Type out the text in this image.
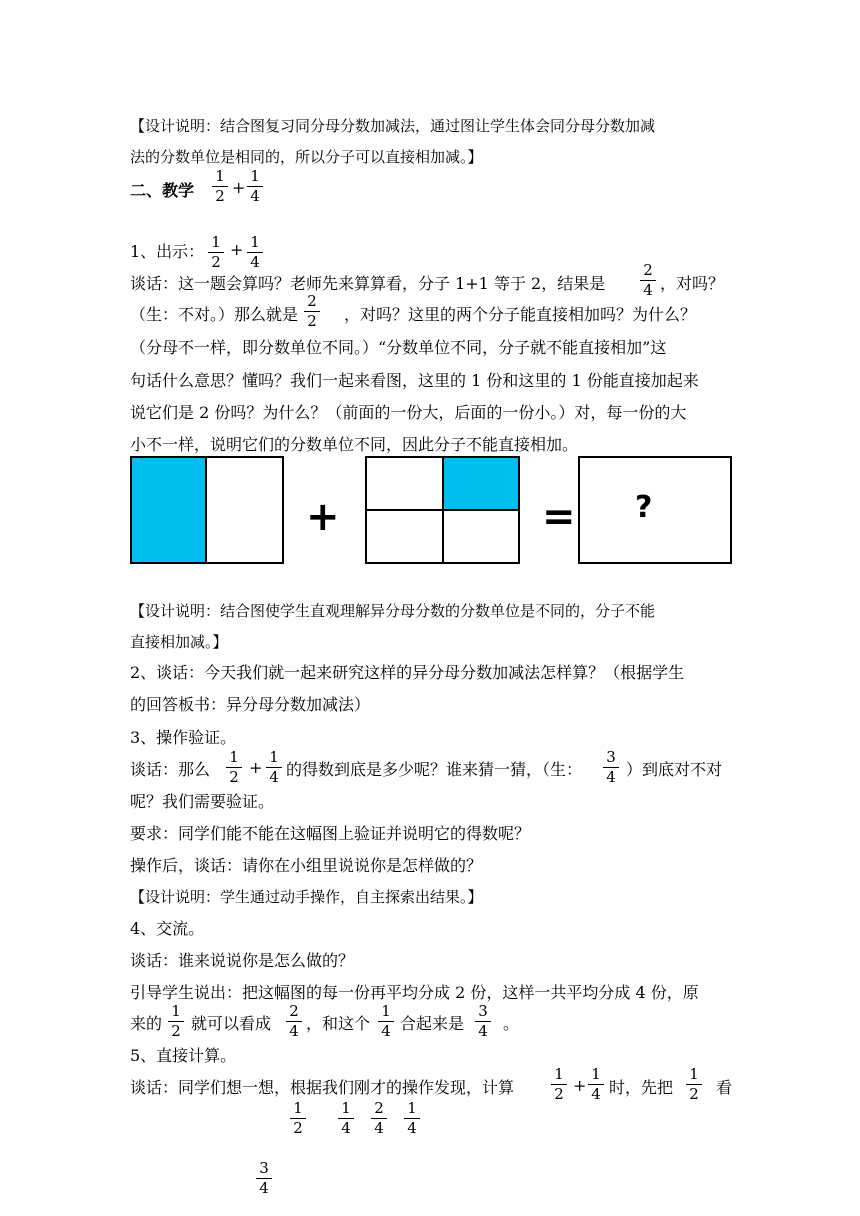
【设计说明：结合图复习同分母分数加减法，通过图让学生体会同分母分数加减
法的分数单位是相同的，所以分子可以直接相加减。】
二、教学
1
2 +
1
4
1、出示： 1
2
+ 1
4
谈话：这一题会算吗？老师先来算算看，分子 1+1 等于 2，结果是
2
4 ，对吗？
（生：不对。）那么就是
2
2	，对吗？这里的两个分子能直接相加吗？为什么？
（分母不一样，即分数单位不同。）“分数单位不同，分子就不能直接相加”这
句话什么意思？懂吗？我们一起来看图，这里的 1 份和这里的 1 份能直接加起来
说它们是 2 份吗？为什么？（前面的一份大，后面的一份小。）对，每一份的大
小不一样，说明它们的分数单位不同，因此分子不能直接相加。
+	= ?
【设计说明：结合图使学生直观理解异分母分数的分数单位是不同的，分子不能
直接相加减。】
2、谈话：今天我们就一起来研究这样的异分母分数加减法怎样算？（根据学生
的回答板书：异分母分数加减法）
3、操作验证。
谈话：那么
1
2 +
1
4 的得数到底是多少呢？谁来猜一猜，（生：
3
4 ）到底对不对
呢？我们需要验证。
要求：同学们能不能在这幅图上验证并说明它的得数呢？
操作后，谈话：请你在小组里说说你是怎样做的？
【设计说明：学生通过动手操作，自主探索出结果。】
4、交流。
谈话：谁来说说你是怎么做的？
引导学生说出：把这幅图的每一份再平均分成 2 份，这样一共平均分成 4 份，原
来的
1
2 就可以看成
2
4 ，和这个
1
4 合起来是
3
4 。
5、直接计算。
谈话：同学们想一想，根据我们刚才的操作发现，计算
1
2 +
1
4 时，先把
1
2	看
1
2
1
4
2
4
1
4
3
4
